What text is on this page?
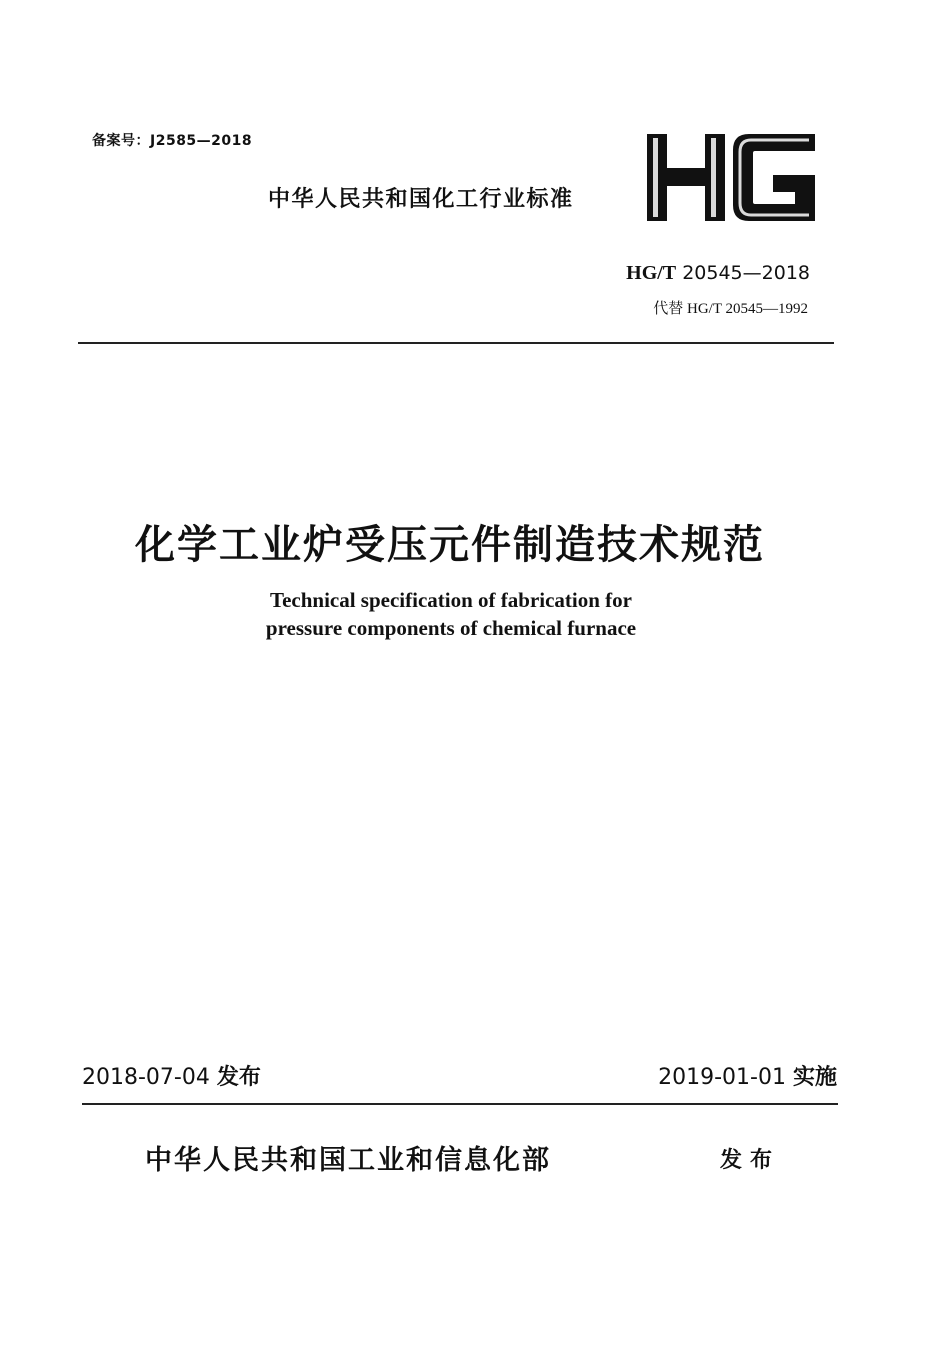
备案号：J2585—2018
中华人民共和国化工行业标准
HG/T 20545—2018
代替 HG/T 20545—1992
化学工业炉受压元件制造技术规范
Technical specification of fabrication for
pressure components of chemical furnace
2018-07-04 发布	2019-01-01 实施
中华人民共和国工业和信息化部	发布
